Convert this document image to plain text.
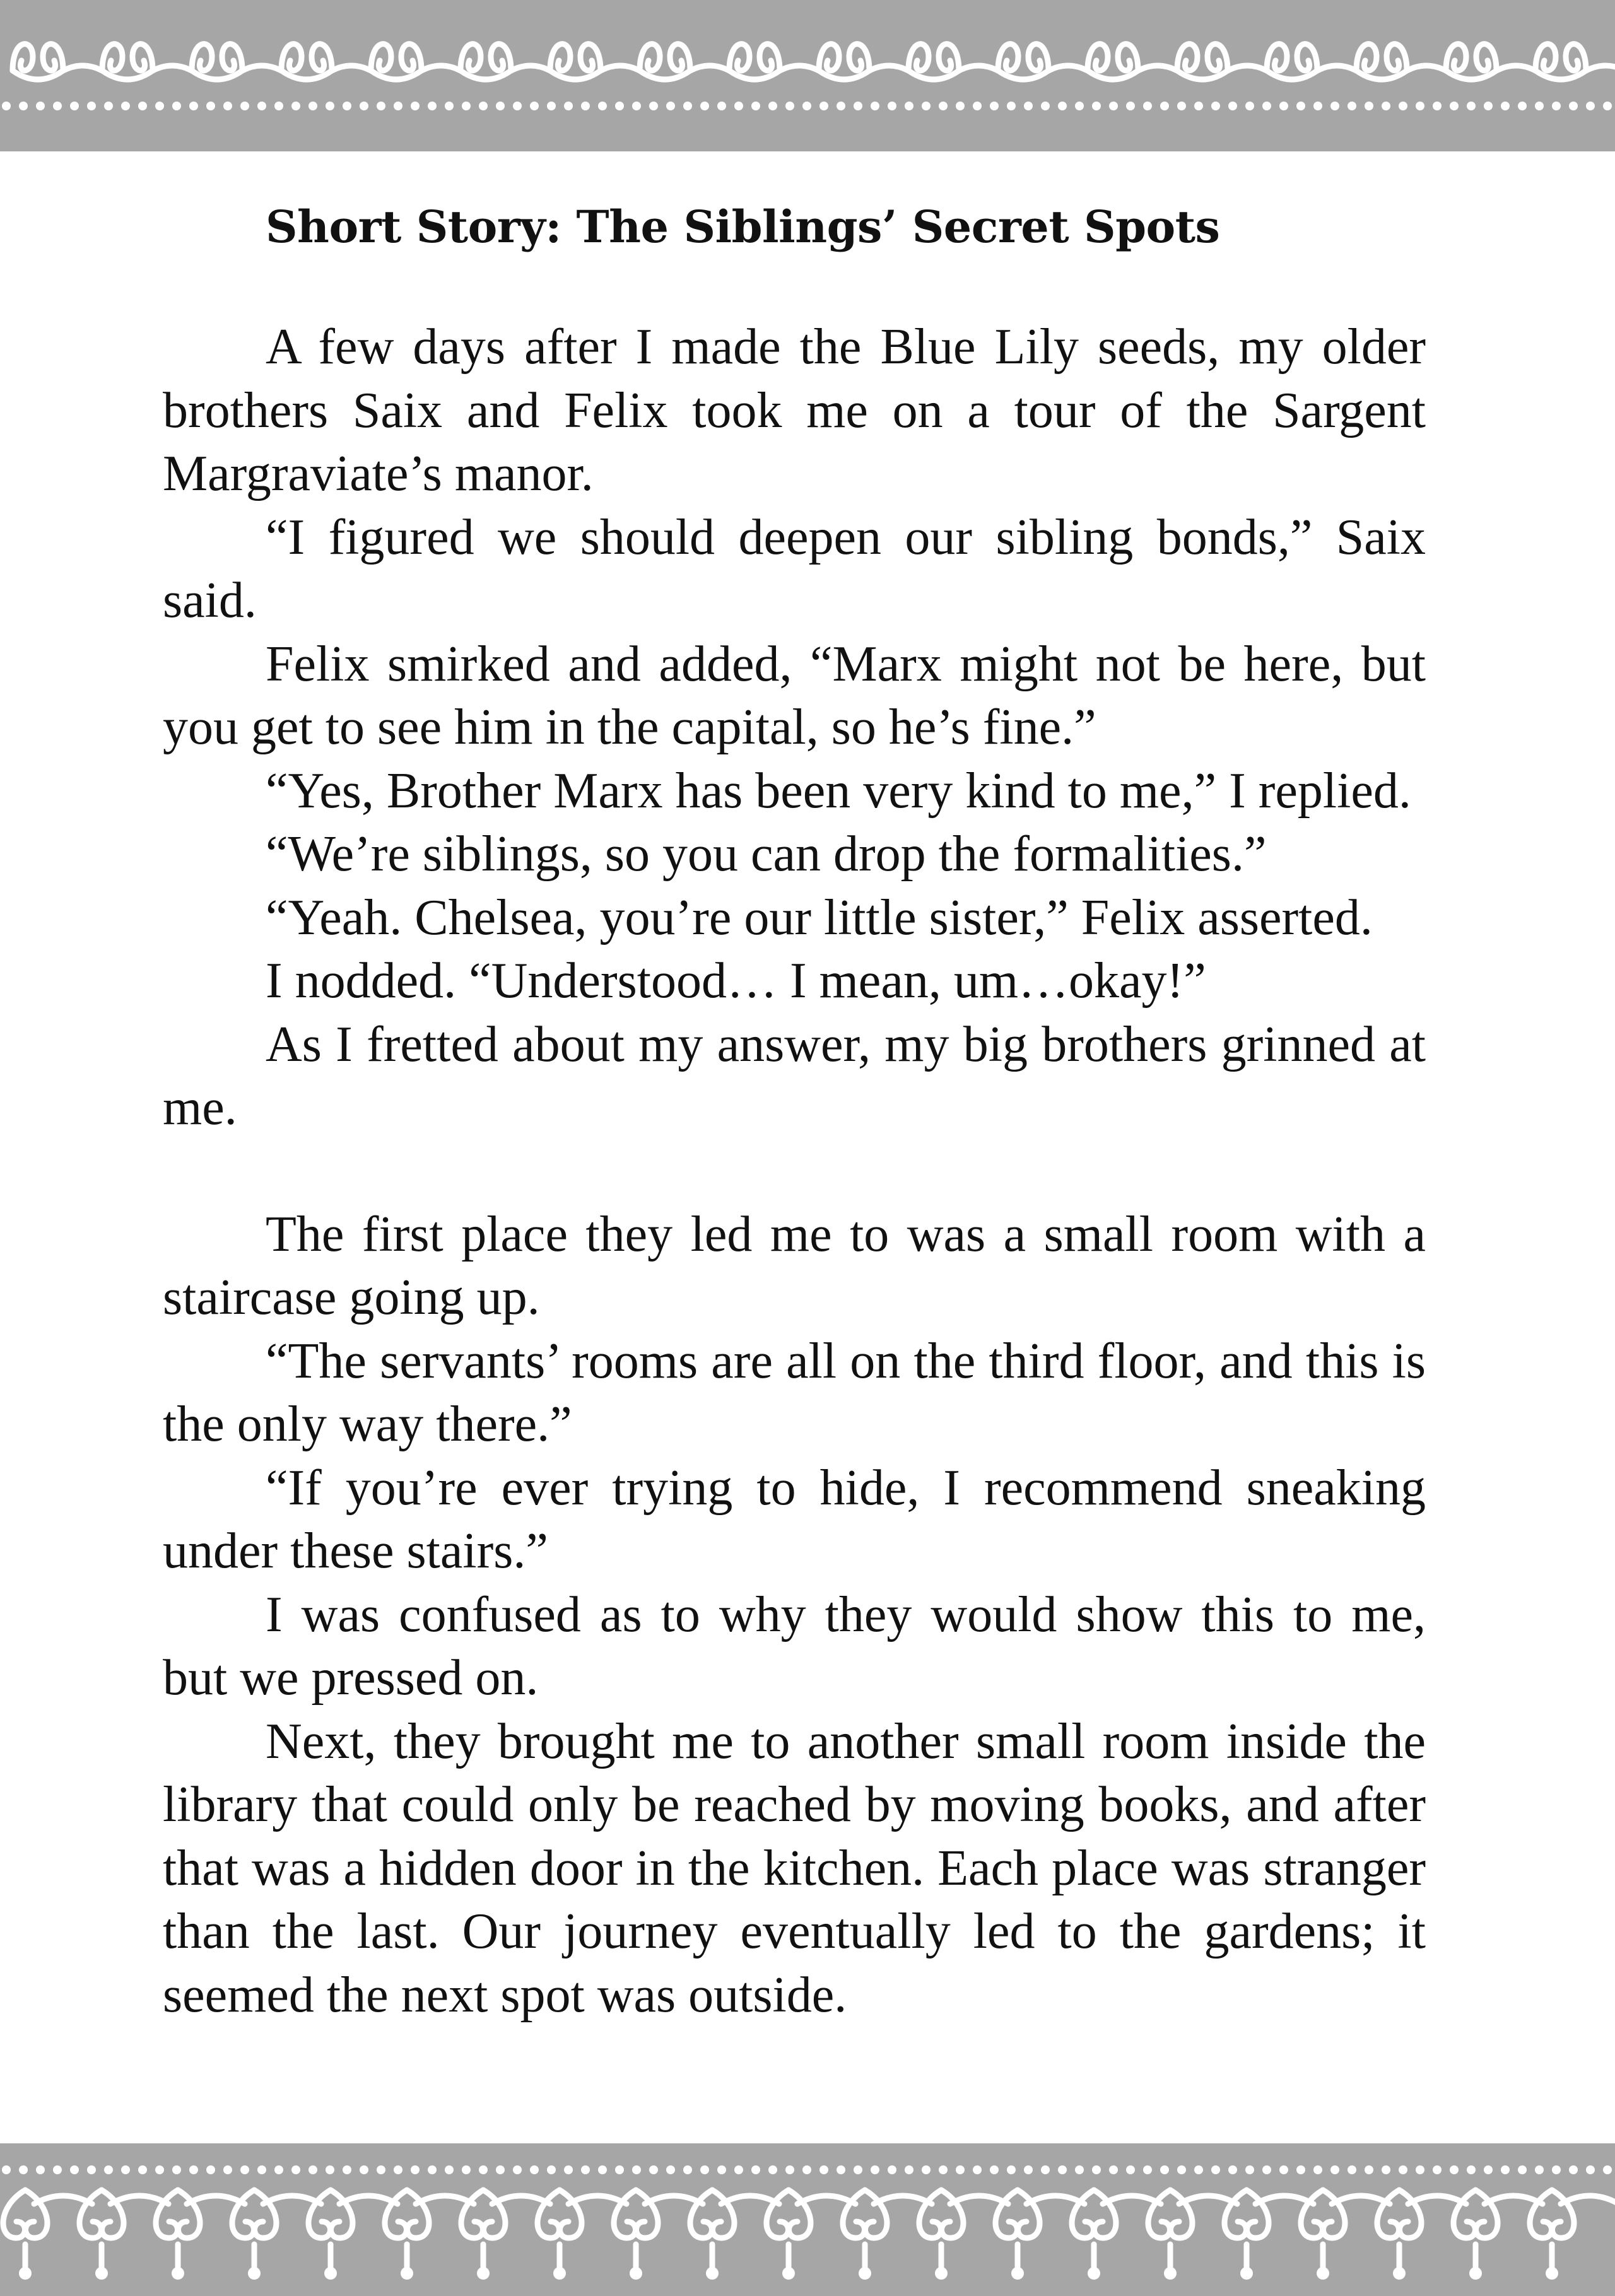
Short Story: The Siblings’ Secret Spots

A few days after I made the Blue Lily seeds, my older brothers Saix and Felix took me on a tour of the Sargent Margraviate’s manor.

“I figured we should deepen our sibling bonds,” Saix said.

Felix smirked and added, “Marx might not be here, but you get to see him in the capital, so he’s fine.”

“Yes, Brother Marx has been very kind to me,” I replied.

“We’re siblings, so you can drop the formalities.”

“Yeah. Chelsea, you’re our little sister,” Felix asserted.

I nodded. “Understood… I mean, um…okay!”

As I fretted about my answer, my big brothers grinned at me.

The first place they led me to was a small room with a staircase going up.

“The servants’ rooms are all on the third floor, and this is the only way there.”

“If you’re ever trying to hide, I recommend sneaking under these stairs.”

I was confused as to why they would show this to me, but we pressed on.

Next, they brought me to another small room inside the library that could only be reached by moving books, and after that was a hidden door in the kitchen. Each place was stranger than the last. Our journey eventually led to the gardens; it seemed the next spot was outside.
